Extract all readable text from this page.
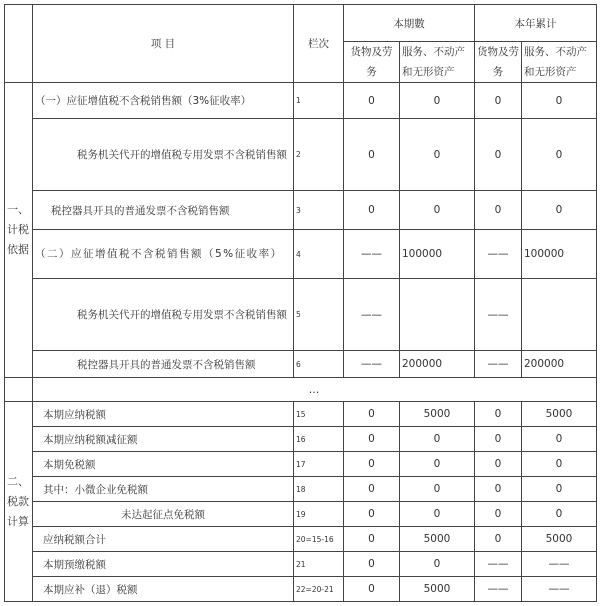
	项 目	栏次	本期數		本年累计	
			货物及劳务	服务、不动产和无形资产	货物及劳务	服务、不动产和无形资产
一、计税依据	（一）应征增值税不含税销售额（3%征收率）	1	0	0	0	0
	税务机关代开的增值税专用发票不含税销售额	2	0	0	0	0
	税控器具开具的普通发票不含税销售额	3	0	0	0	0
	（二）应征增值税不含税销售额（5%征收率）	4	——	100000	——	100000
	税务机关代开的增值税专用发票不含税销售额	5	——		——	
	税控器具开具的普通发票不含税销售额	6	——	200000	——	200000
	…					
二、税款计算	本期应纳税额	15	0	5000	0	5000
	本期应纳税额减征额	16	0	0	0	0
	本期免税额	17	0	0	0	0
	其中：小微企业免税额	18	0	0	0	0
	未达起征点免税额	19	0	0	0	0
	应纳税额合计	20=15-16	0	5000	0	5000
	本期预缴税额	21	0	0	——	——
	本期应补（退）税额	22=20-21	0	5000	——	——
